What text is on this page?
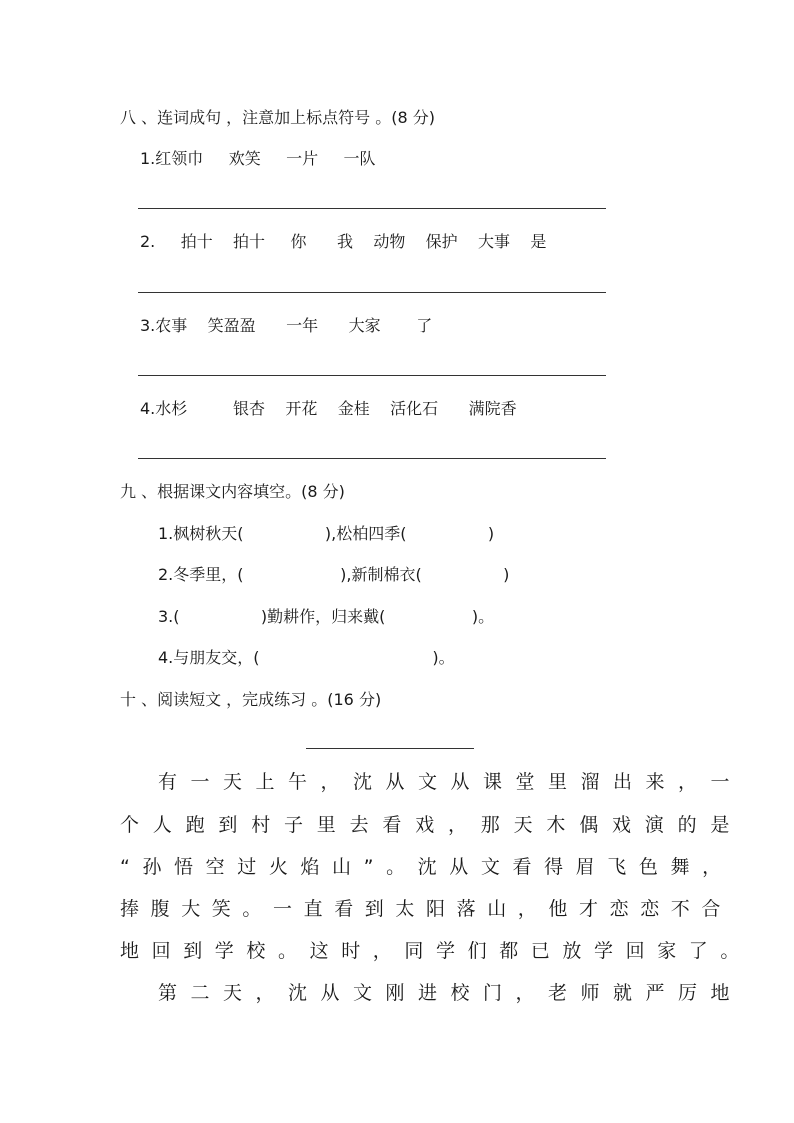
八 、连词成句 ，注意加上标点符号 。(8 分)
1.红领巾     欢笑     一片     一队
2.     拍十    拍十     你      我    动物    保护    大事    是
3.农事    笑盈盈      一年      大家       了
4.水杉         银杏    开花    金桂    活化石      满院香
九 、根据课文内容填空。(8 分)
1.枫树秋天(                ),松柏四季(                )
2.冬季里，(                   ),新制棉衣(                )
3.(                )勤耕作，归来戴(                 )。
4.与朋友交，(                                  )。
十 、阅读短文 ，完成练习 。(16 分)
有一天上午，沈从文从课堂里溜出来，一
个人跑到村子里去看戏，那天木偶戏演的是
“孙悟空过火焰山”。沈从文看得眉飞色舞，
捧腹大笑。一直看到太阳落山，他才恋恋不合
地回到学校。这时，同学们都已放学回家了。
第二天，沈从文刚进校门，老师就严厉地
